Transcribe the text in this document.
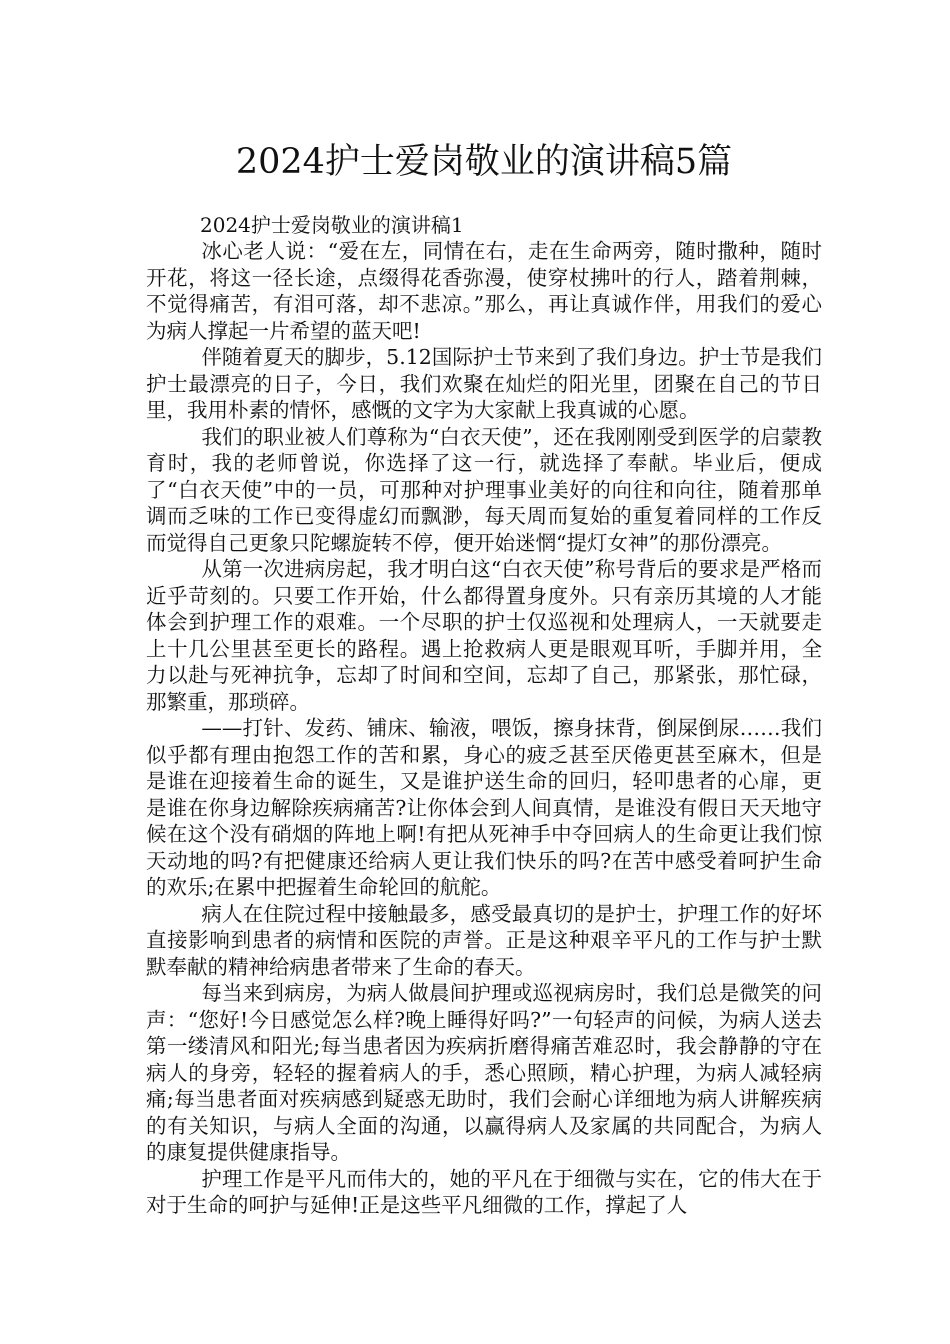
2024护士爱岗敬业的演讲稿5篇

2024护士爱岗敬业的演讲稿1

冰心老人说：“爱在左，同情在右，走在生命两旁，随时撒种，随时开花，将这一径长途，点缀得花香弥漫，使穿杖拂叶的行人，踏着荆棘，不觉得痛苦，有泪可落，却不悲凉。”那么，再让真诚作伴，用我们的爱心为病人撑起一片希望的蓝天吧!

伴随着夏天的脚步，5.12国际护士节来到了我们身边。护士节是我们护士最漂亮的日子，今日，我们欢聚在灿烂的阳光里，团聚在自己的节日里，我用朴素的情怀，感慨的文字为大家献上我真诚的心愿。

我们的职业被人们尊称为“白衣天使”，还在我刚刚受到医学的启蒙教育时，我的老师曾说，你选择了这一行，就选择了奉献。毕业后，便成了“白衣天使”中的一员，可那种对护理事业美好的向往和向往，随着那单调而乏味的工作已变得虚幻而飘渺，每天周而复始的重复着同样的工作反而觉得自己更象只陀螺旋转不停，便开始迷惘“提灯女神”的那份漂亮。

从第一次进病房起，我才明白这“白衣天使”称号背后的要求是严格而近乎苛刻的。只要工作开始，什么都得置身度外。只有亲历其境的人才能体会到护理工作的艰难。一个尽职的护士仅巡视和处理病人，一天就要走上十几公里甚至更长的路程。遇上抢救病人更是眼观耳听，手脚并用，全力以赴与死神抗争，忘却了时间和空间，忘却了自己，那紧张，那忙碌，那繁重，那琐碎。

——打针、发药、铺床、输液，喂饭，擦身抹背，倒屎倒尿……我们似乎都有理由抱怨工作的苦和累，身心的疲乏甚至厌倦更甚至麻木，但是是谁在迎接着生命的诞生，又是谁护送生命的回归，轻叩患者的心扉，更是谁在你身边解除疾病痛苦?让你体会到人间真情，是谁没有假日天天地守候在这个没有硝烟的阵地上啊!有把从死神手中夺回病人的生命更让我们惊天动地的吗?有把健康还给病人更让我们快乐的吗?在苦中感受着呵护生命的欢乐;在累中把握着生命轮回的航舵。

病人在住院过程中接触最多，感受最真切的是护士，护理工作的好坏直接影响到患者的病情和医院的声誉。正是这种艰辛平凡的工作与护士默默奉献的精神给病患者带来了生命的春天。

每当来到病房，为病人做晨间护理或巡视病房时，我们总是微笑的问声：“您好!今日感觉怎么样?晚上睡得好吗?”一句轻声的问候，为病人送去第一缕清风和阳光;每当患者因为疾病折磨得痛苦难忍时，我会静静的守在病人的身旁，轻轻的握着病人的手，悉心照顾，精心护理，为病人减轻病痛;每当患者面对疾病感到疑惑无助时，我们会耐心详细地为病人讲解疾病的有关知识，与病人全面的沟通，以赢得病人及家属的共同配合，为病人的康复提供健康指导。

护理工作是平凡而伟大的，她的平凡在于细微与实在，它的伟大在于对于生命的呵护与延伸!正是这些平凡细微的工作，撑起了人
